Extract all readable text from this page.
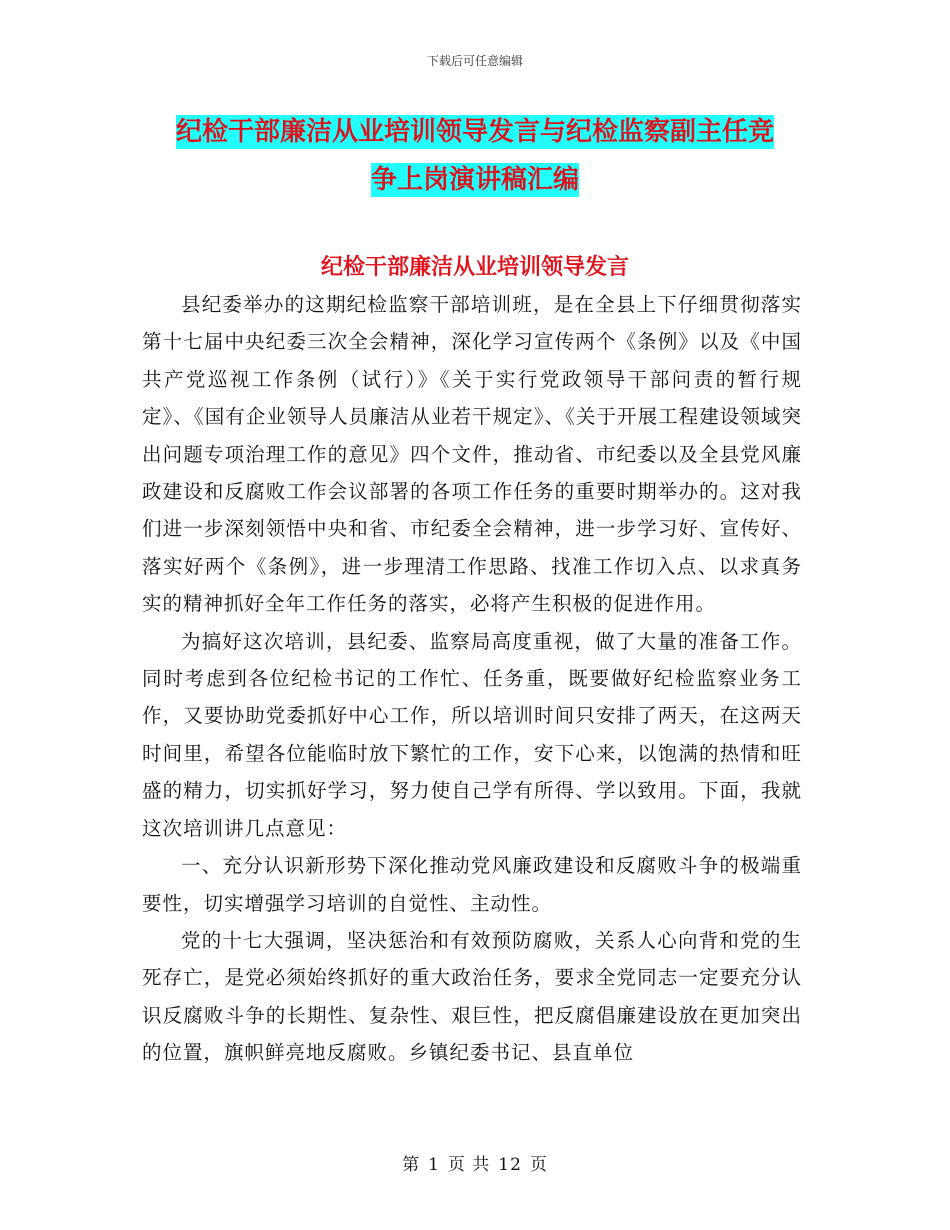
下载后可任意编辑
纪检干部廉洁从业培训领导发言与纪检监察副主任竞
争上岗演讲稿汇编
纪检干部廉洁从业培训领导发言

县纪委举办的这期纪检监察干部培训班，是在全县上下仔细贯彻落实第十七届中央纪委三次全会精神，深化学习宣传两个《条例》以及《中国共产党巡视工作条例（试行）》《关于实行党政领导干部问责的暂行规定》、《国有企业领导人员廉洁从业若干规定》、《关于开展工程建设领域突出问题专项治理工作的意见》四个文件，推动省、市纪委以及全县党风廉政建设和反腐败工作会议部署的各项工作任务的重要时期举办的。这对我们进一步深刻领悟中央和省、市纪委全会精神，进一步学习好、宣传好、落实好两个《条例》，进一步理清工作思路、找准工作切入点、以求真务实的精神抓好全年工作任务的落实，必将产生积极的促进作用。

为搞好这次培训，县纪委、监察局高度重视，做了大量的准备工作。同时考虑到各位纪检书记的工作忙、任务重，既要做好纪检监察业务工作，又要协助党委抓好中心工作，所以培训时间只安排了两天，在这两天时间里，希望各位能临时放下繁忙的工作，安下心来，以饱满的热情和旺盛的精力，切实抓好学习，努力使自己学有所得、学以致用。下面，我就这次培训讲几点意见：

一、充分认识新形势下深化推动党风廉政建设和反腐败斗争的极端重要性，切实增强学习培训的自觉性、主动性。

党的十七大强调，坚决惩治和有效预防腐败，关系人心向背和党的生死存亡，是党必须始终抓好的重大政治任务，要求全党同志一定要充分认识反腐败斗争的长期性、复杂性、艰巨性，把反腐倡廉建设放在更加突出的位置，旗帜鲜亮地反腐败。乡镇纪委书记、县直单位

第 1 页 共 12 页
